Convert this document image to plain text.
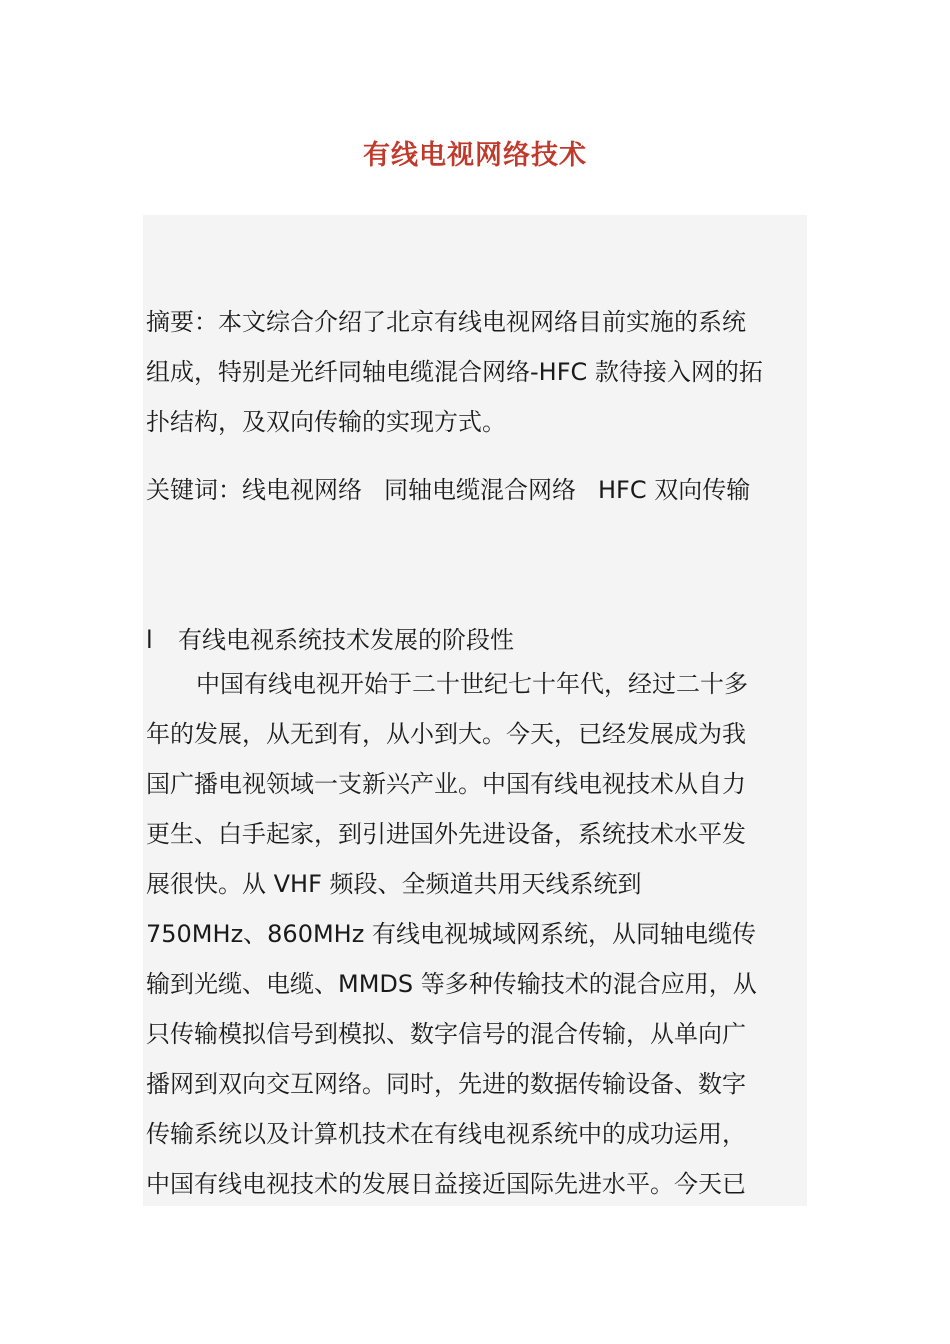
有线电视网络技术

摘要：本文综合介绍了北京有线电视网络目前实施的系统
组成，特别是光纤同轴电缆混合网络-HFC 款待接入网的拓
扑结构，及双向传输的实现方式。

关键词：线电视网络 同轴电缆混合网络 HFC 双向传输

l 有线电视系统技术发展的阶段性

中国有线电视开始于二十世纪七十年代，经过二十多
年的发展，从无到有，从小到大。今天，已经发展成为我
国广播电视领域一支新兴产业。中国有线电视技术从自力
更生、白手起家，到引进国外先进设备，系统技术水平发
展很快。从 VHF 频段、全频道共用天线系统到
750MHz、860MHz 有线电视城域网系统，从同轴电缆传
输到光缆、电缆、MMDS 等多种传输技术的混合应用，从
只传输模拟信号到模拟、数字信号的混合传输，从单向广
播网到双向交互网络。同时，先进的数据传输设备、数字
传输系统以及计算机技术在有线电视系统中的成功运用，
中国有线电视技术的发展日益接近国际先进水平。今天已
